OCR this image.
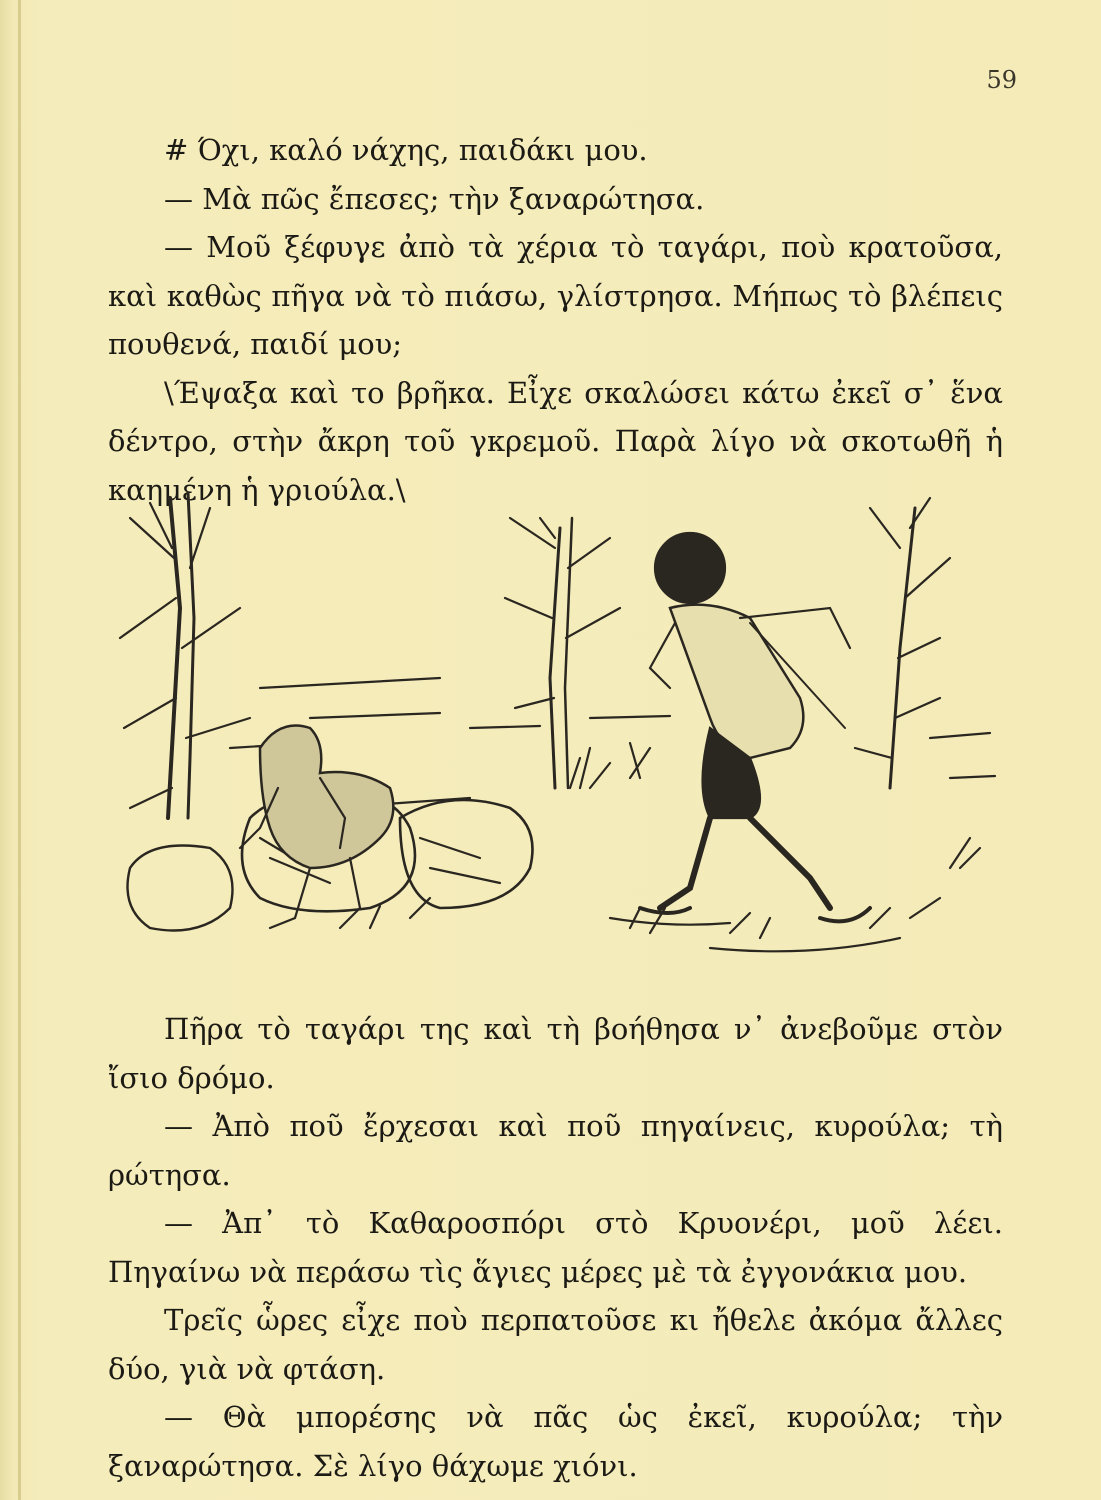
59

# Όχι, καλό νάχης, παιδάκι μου.

— Μὰ πῶς ἔπεσες; τὴν ξαναρώτησα.

— Μοῦ ξέφυγε ἀπὸ τὰ χέρια τὸ ταγάρι, ποὺ κρατοῦσα, καὶ καθὼς πῆγα νὰ τὸ πιάσω, γλίστρησα. Μήπως τὸ βλέπεις πουθενά, παιδί μου;

\Έψαξα καὶ το βρῆκα. Εἶχε σκαλώσει κάτω ἐκεῖ σ᾽ ἕνα δέντρο, στὴν ἄκρη τοῦ γκρεμοῦ. Παρὰ λίγο νὰ σκοτωθῆ ἡ καημένη ἡ γριούλα.\

Πῆρα τὸ ταγάρι της καὶ τὴ βοήθησα ν᾽ ἀνεβοῦμε στὸν ἴσιο δρόμο.

— Ἀπὸ ποῦ ἔρχεσαι καὶ ποῦ πηγαίνεις, κυρούλα; τὴ ρώτησα.

— Ἀπ᾽ τὸ Καθαροσπόρι στὸ Κρυονέρι, μοῦ λέει. Πηγαίνω νὰ περάσω τὶς ἅγιες μέρες μὲ τὰ ἐγγονάκια μου.

Τρεῖς ὧρες εἶχε ποὺ περπατοῦσε κι ἤθελε ἀκόμα ἄλλες δύο, γιὰ νὰ φτάση.

— Θὰ μπορέσης νὰ πᾶς ὡς ἐκεῖ, κυρούλα; τὴν ξαναρώτησα. Σὲ λίγο θάχωμε χιόνι.
